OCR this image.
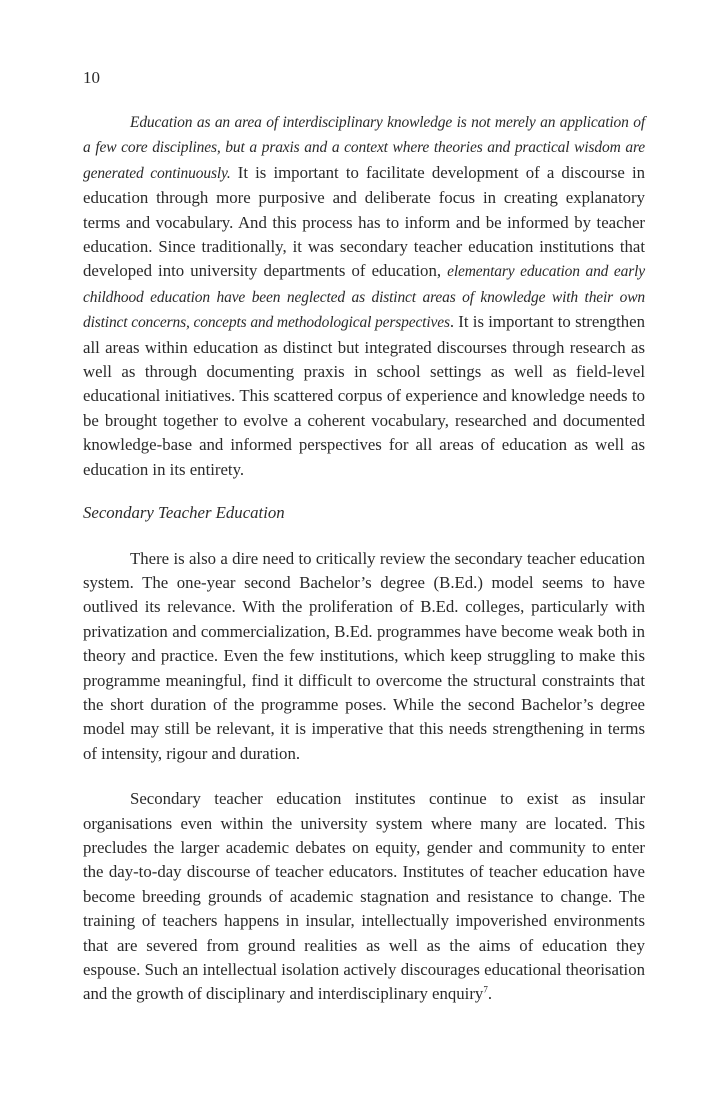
10

Education as an area of interdisciplinary knowledge is not merely an application of a few core disciplines, but a praxis and a context where theories and practical wisdom are generated continuously. It is important to facilitate development of a discourse in education through more purposive and deliberate focus in creating explanatory terms and vocabulary. And this process has to inform and be informed by teacher education. Since traditionally, it was secondary teacher education institutions that developed into university departments of education, elementary education and early childhood education have been neglected as distinct areas of knowledge with their own distinct concerns, concepts and methodological perspectives. It is important to strengthen all areas within education as distinct but integrated discourses through research as well as through documenting praxis in school settings as well as field-level educational initiatives. This scattered corpus of experience and knowledge needs to be brought together to evolve a coherent vocabulary, researched and documented knowledge-base and informed perspectives for all areas of education as well as education in its entirety.

Secondary Teacher Education

There is also a dire need to critically review the secondary teacher education system. The one-year second Bachelor’s degree (B.Ed.) model seems to have outlived its relevance. With the proliferation of B.Ed. colleges, particularly with privatization and commercialization, B.Ed. programmes have become weak both in theory and practice. Even the few institutions, which keep struggling to make this programme meaningful, find it difficult to overcome the structural constraints that the short duration of the programme poses. While the second Bachelor’s degree model may still be relevant, it is imperative that this needs strengthening in terms of intensity, rigour and duration.

Secondary teacher education institutes continue to exist as insular organisations even within the university system where many are located. This precludes the larger academic debates on equity, gender and community to enter the day-to-day discourse of teacher educators. Institutes of teacher education have become breeding grounds of academic stagnation and resistance to change. The training of teachers happens in insular, intellectually impoverished environments that are severed from ground realities as well as the aims of education they espouse. Such an intellectual isolation actively discourages educational theorisation and the growth of disciplinary and interdisciplinary enquiry$^7$.
